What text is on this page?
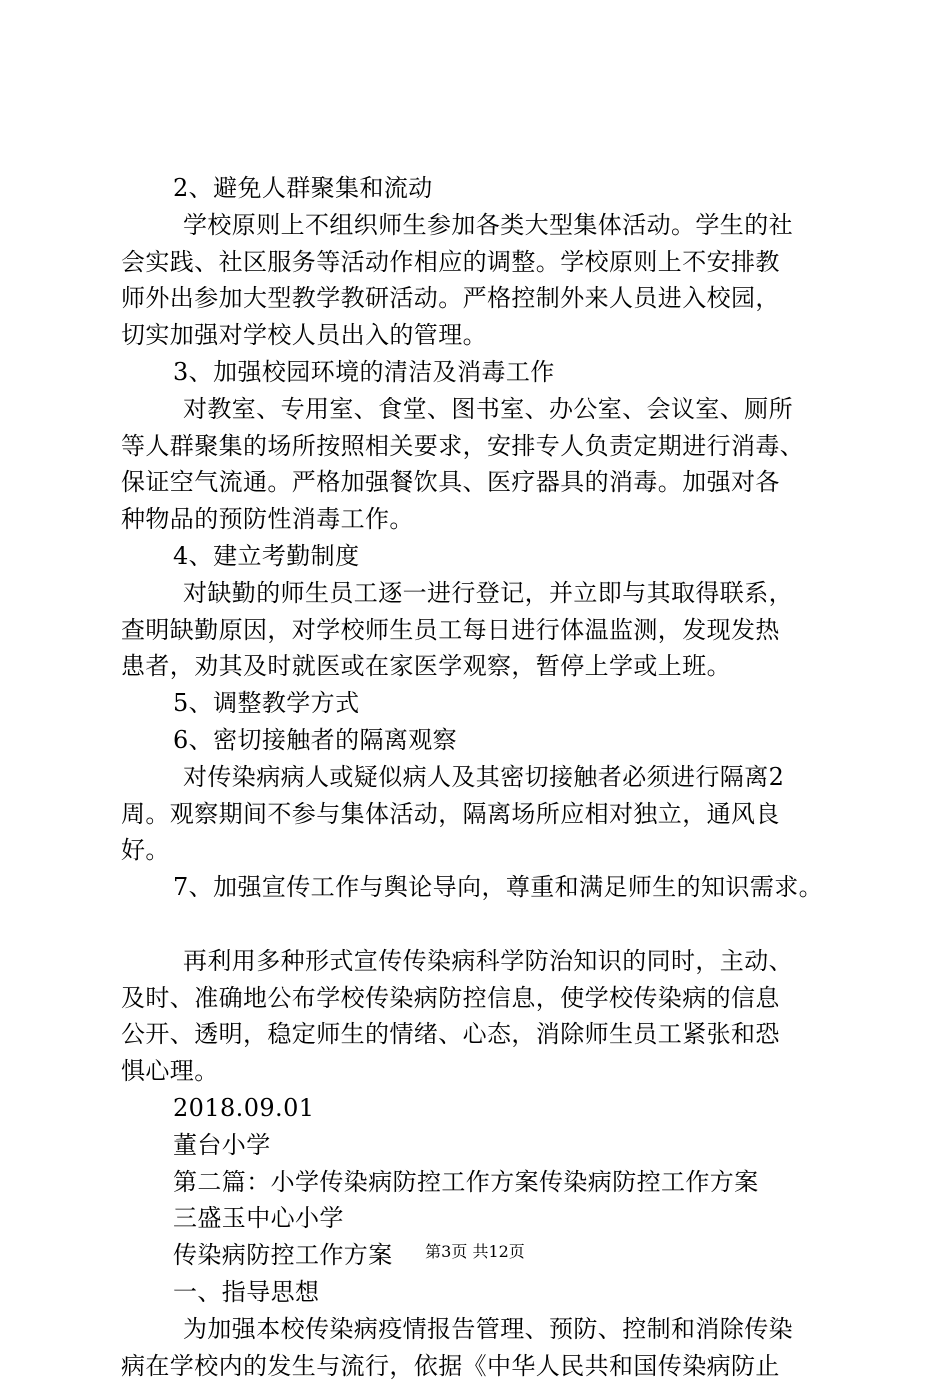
2、避免人群聚集和流动
学校原则上不组织师生参加各类大型集体活动。学生的社
会实践、社区服务等活动作相应的调整。学校原则上不安排教
师外出参加大型教学教研活动。严格控制外来人员进入校园，
切实加强对学校人员出入的管理。
3、加强校园环境的清洁及消毒工作
对教室、专用室、食堂、图书室、办公室、会议室、厕所
等人群聚集的场所按照相关要求，安排专人负责定期进行消毒、
保证空气流通。严格加强餐饮具、医疗器具的消毒。加强对各
种物品的预防性消毒工作。
4、建立考勤制度
对缺勤的师生员工逐一进行登记，并立即与其取得联系，
查明缺勤原因，对学校师生员工每日进行体温监测，发现发热
患者，劝其及时就医或在家医学观察，暂停上学或上班。
5、调整教学方式
6、密切接触者的隔离观察
对传染病病人或疑似病人及其密切接触者必须进行隔离2
周。观察期间不参与集体活动，隔离场所应相对独立，通风良
好。
7、加强宣传工作与舆论导向，尊重和满足师生的知识需求。
再利用多种形式宣传传染病科学防治知识的同时，主动、
及时、准确地公布学校传染病防控信息，使学校传染病的信息
公开、透明，稳定师生的情绪、心态，消除师生员工紧张和恐
惧心理。
2018.09.01
董台小学
第二篇：小学传染病防控工作方案传染病防控工作方案
三盛玉中心小学
传染病防控工作方案
一、指导思想
为加强本校传染病疫情报告管理、预防、控制和消除传染
病在学校内的发生与流行，依据《中华人民共和国传染病防止
第3页 共12页
